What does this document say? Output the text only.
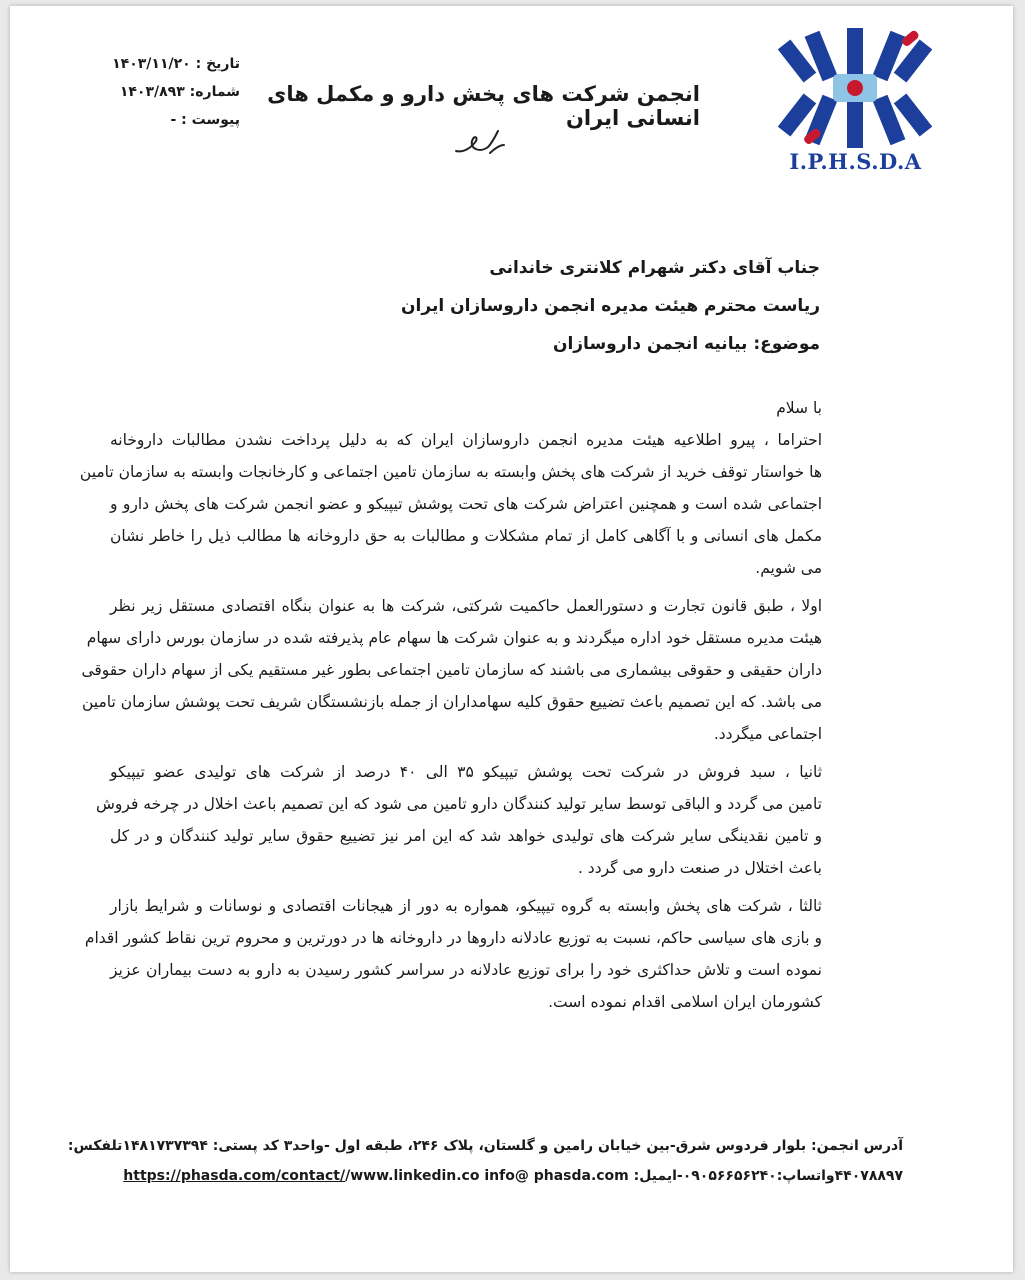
I.P.H.S.D.A
انجمن شرکت های پخش دارو و مکمل های انسانی ایران
تاریخ : ۱۴۰۳/۱۱/۲۰
شماره: ۱۴۰۳/۸۹۳
پیوست : -
جناب آقای دکتر شهرام کلانتری خاندانی
ریاست محترم هیئت مدیره انجمن داروسازان ایران
موضوع: بیانیه انجمن داروسازان
با سلام
احتراما ، پیرو اطلاعیه هیئت مدیره انجمن داروسازان ایران که به دلیل پرداخت نشدن مطالبات داروخانه
ها خواستار توقف خرید از شرکت های پخش وابسته به سازمان تامین اجتماعی و کارخانجات وابسته به سازمان تامین
اجتماعی شده است و همچنین اعتراض شرکت های تحت پوشش تیپیکو و عضو انجمن شرکت های پخش دارو و
مکمل های انسانی و با آگاهی کامل از تمام مشکلات و مطالبات به حق داروخانه ها مطالب ذیل را خاطر نشان
می شویم.
اولا ، طبق قانون تجارت و دستورالعمل حاکمیت شرکتی، شرکت ها به عنوان بنگاه اقتصادی مستقل زیر نظر
هیئت مدیره مستقل خود اداره میگردند و به عنوان شرکت ها سهام عام پذیرفته شده در سازمان بورس دارای سهام
داران حقیقی و حقوقی بیشماری می باشند که سازمان تامین اجتماعی بطور غیر مستقیم یکی از سهام داران حقوقی
می باشد. که این تصمیم باعث تضییع حقوق کلیه سهامداران از جمله بازنشستگان شریف تحت پوشش سازمان تامین
اجتماعی میگردد.
ثانیا ، سبد فروش در شرکت تحت پوشش تیپیکو ۳۵ الی ۴۰ درصد از شرکت های تولیدی عضو تیپیکو
تامین می گردد و الباقی توسط سایر تولید کنندگان دارو تامین می شود که این تصمیم باعث اخلال در چرخه فروش
و تامین نقدینگی سایر شرکت های تولیدی خواهد شد که این امر نیز تضییع حقوق سایر تولید کنندگان و در کل
باعث اختلال در صنعت دارو می گردد .
ثالثا ، شرکت های پخش وابسته به گروه تیپیکو، همواره به دور از هیجانات اقتصادی و نوسانات و شرایط بازار
و بازی های سیاسی حاکم، نسبت به توزیع عادلانه داروها در داروخانه ها در دورترین و محروم ترین نقاط کشور اقدام
نموده است و تلاش حداکثری خود را برای توزیع عادلانه در سراسر کشور رسیدن به دارو به دست بیماران عزیز
کشورمان ایران اسلامی اقدام نموده است.
آدرس انجمن: بلوار فردوس شرق-بین خیابان رامین و گلستان، پلاک ۲۴۶، طبقه اول -واحد۳ کد پستی: ۱۴۸۱۷۳۷۳۹۴تلفکس:
۴۴۰۷۸۸۹۷واتساپ:۰۹۰۵۶۶۵۶۲۴۰-ایمیل: https://phasda.com/contact//www.linkedin.co info@ phasda.com
